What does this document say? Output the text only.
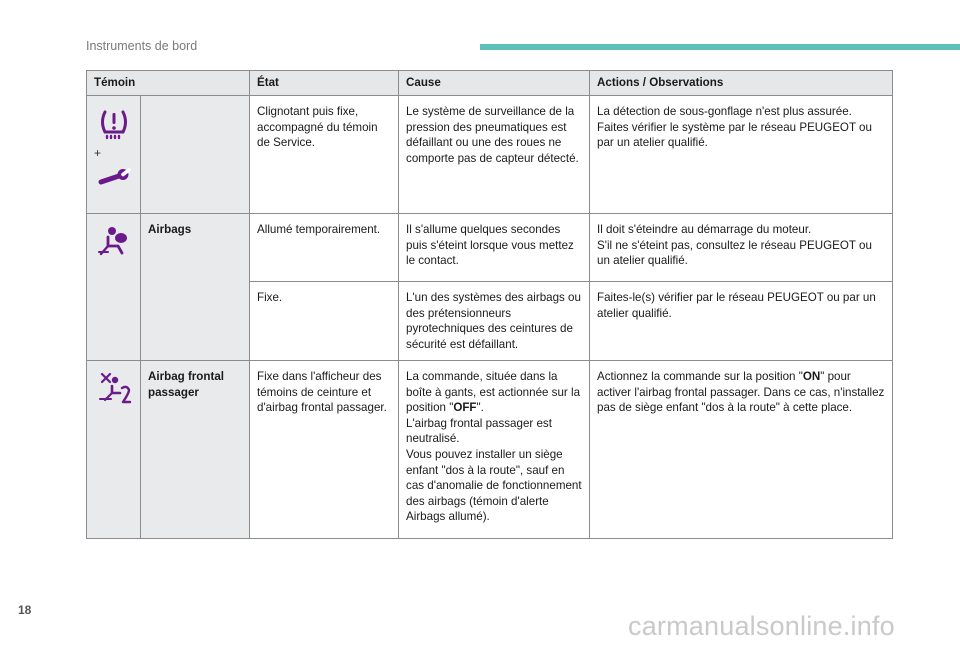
Instruments de bord
Témoin		État	Cause	Actions / Observations

+		Clignotant puis fixe, accompagné du témoin de Service.	Le système de surveillance de la pression des pneumatiques est défaillant ou une des roues ne comporte pas de capteur détecté.	La détection de sous-gonflage n'est plus assurée.
Faites vérifier le système par le réseau PEUGEOT ou par un atelier qualifié.

	Airbags	Allumé temporairement.	Il s'allume quelques secondes puis s'éteint lorsque vous mettez le contact.	Il doit s'éteindre au démarrage du moteur.
S'il ne s'éteint pas, consultez le réseau PEUGEOT ou un atelier qualifié.
		Fixe.	L'un des systèmes des airbags ou des prétensionneurs pyrotechniques des ceintures de sécurité est défaillant.	Faites-le(s) vérifier par le réseau PEUGEOT ou par un atelier qualifié.

	Airbag frontal passager	Fixe dans l'afficheur des témoins de ceinture et d'airbag frontal passager.	La commande, située dans la boîte à gants, est actionnée sur la position "OFF".
L'airbag frontal passager est neutralisé.
Vous pouvez installer un siège enfant "dos à la route", sauf en cas d'anomalie de fonctionnement des airbags (témoin d'alerte Airbags allumé).	Actionnez la commande sur la position "ON" pour activer l'airbag frontal passager. Dans ce cas, n'installez pas de siège enfant "dos à la route" à cette place.
18
carmanualsonline.info
